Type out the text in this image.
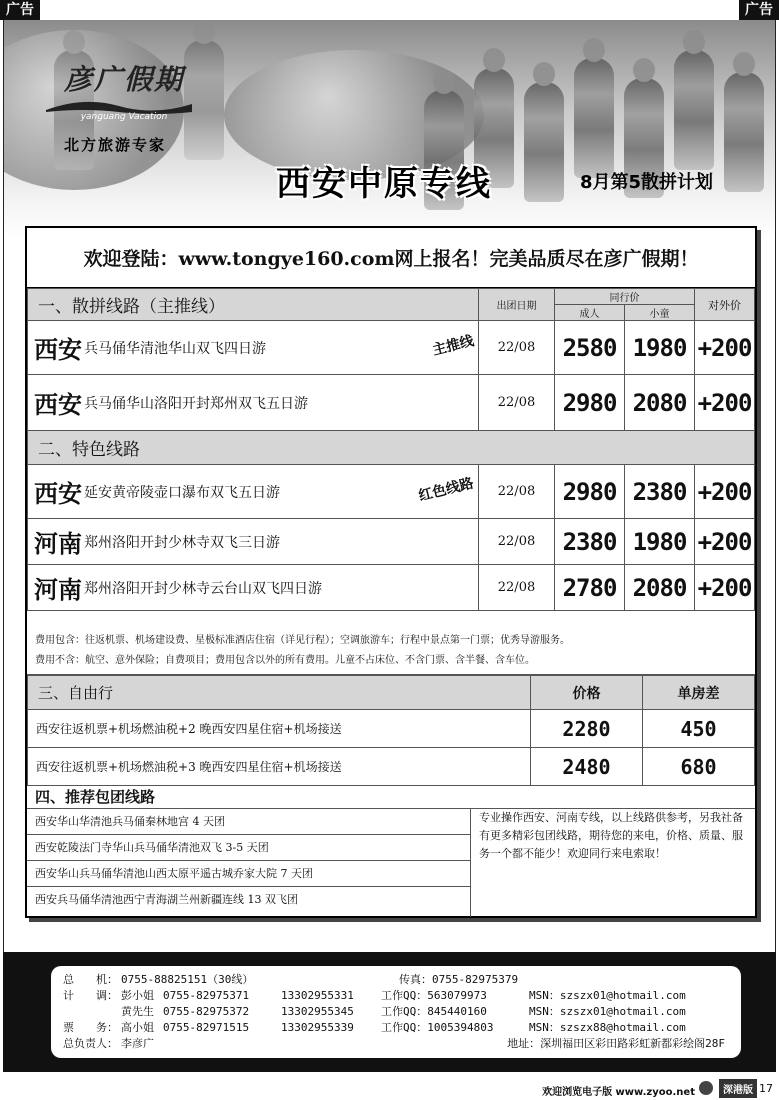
广告	广告
彦广假期
yanguang Vacation
北方旅游专家
西安中原专线	8月第5散拼计划
欢迎登陆：www.tongye160.com网上报名！完美品质尽在彦广假期！
一、散拼线路（主推线）	出团日期	同行价		对外价
		成人	小童	
西安 兵马俑华清池华山双飞四日游 主推线	22/08	2580	1980	+200
西安 兵马俑华山洛阳开封郑州双飞五日游	22/08	2980	2080	+200
二、特色线路				
西安 延安黄帝陵壶口瀑布双飞五日游 红色线路	22/08	2980	2380	+200
河南 郑州洛阳开封少林寺双飞三日游	22/08	2380	1980	+200
河南 郑州洛阳开封少林寺云台山双飞四日游	22/08	2780	2080	+200
费用包含：往返机票、机场建设费、星极标准酒店住宿（详见行程）；空调旅游车；行程中景点第一门票；优秀导游服务。
费用不含：航空、意外保险；自费项目；费用包含以外的所有费用。儿童不占床位、不含门票、含半餐、含车位。
三、自由行	价格	单房差
西安往返机票+机场燃油税+2 晚西安四星住宿+机场接送	2280	450
西安往返机票+机场燃油税+3 晚西安四星住宿+机场接送	2480	680
四、推荐包团线路
西安华山华清池兵马俑秦林地宫 4 天团
西安乾陵法门寺华山兵马俑华清池双飞 3-5 天团
西安华山兵马俑华清池山西太原平遥古城乔家大院 7 天团
西安兵马俑华清池西宁青海湖兰州新疆连线 13 双飞团
专业操作西安、河南专线，以上线路供参考，另我社备有更多精彩包团线路，期待您的来电，价格、质量、服务一个都不能少！欢迎同行来电索取！
总　　机： 0755-88825151（30线）	传真： 0755-82975379
计　　调： 彭小姐 0755-82975371	13302955331	工作QQ：563079973	MSN：szszx01@hotmail.com
黄先生 0755-82975372	13302955345	工作QQ：845440160	MSN：szszx01@hotmail.com
票　　务： 高小姐 0755-82971515	13302955339	工作QQ：1005394803	MSN：szszx88@hotmail.com
总负责人： 李彦广	地址：深圳福田区彩田路彩虹新都彩绘阁28F
欢迎浏览电子版 www.zyoo.net	深港版 17
